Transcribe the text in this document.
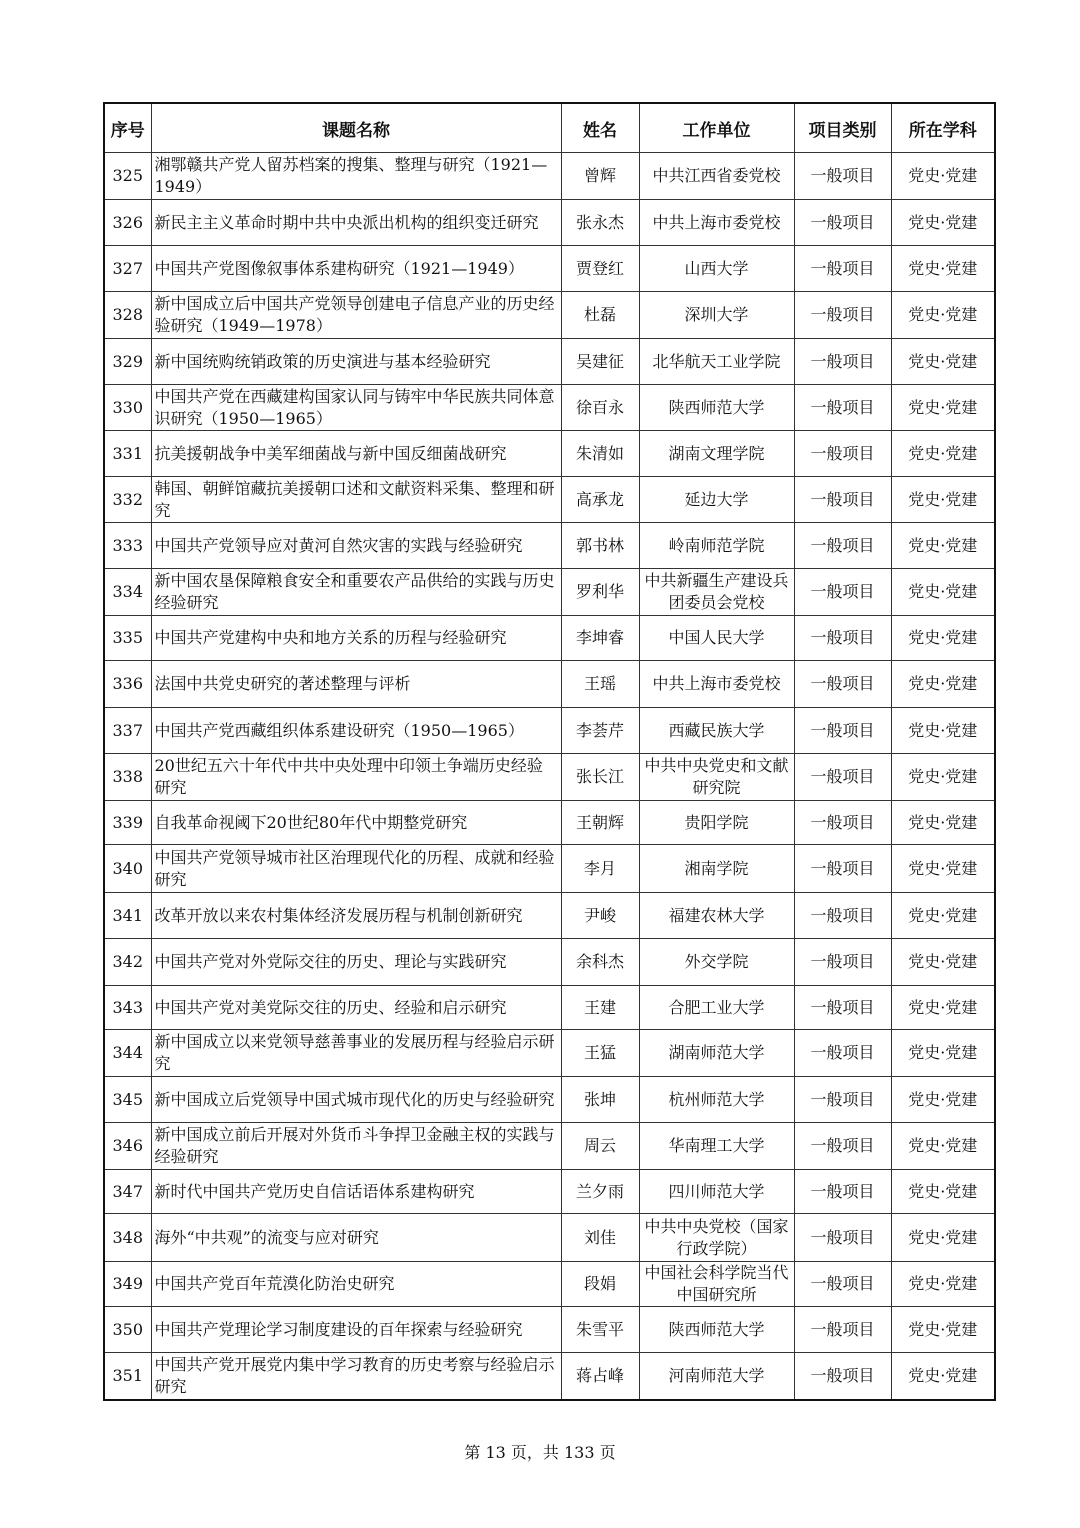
序号	课题名称	姓名	工作单位	项目类别	所在学科
325	湘鄂赣共产党人留苏档案的搜集、整理与研究（1921—1949）	曾辉	中共江西省委党校	一般项目	党史·党建
326	新民主主义革命时期中共中央派出机构的组织变迁研究	张永杰	中共上海市委党校	一般项目	党史·党建
327	中国共产党图像叙事体系建构研究（1921—1949）	贾登红	山西大学	一般项目	党史·党建
328	新中国成立后中国共产党领导创建电子信息产业的历史经验研究（1949—1978）	杜磊	深圳大学	一般项目	党史·党建
329	新中国统购统销政策的历史演进与基本经验研究	吴建征	北华航天工业学院	一般项目	党史·党建
330	中国共产党在西藏建构国家认同与铸牢中华民族共同体意识研究（1950—1965）	徐百永	陕西师范大学	一般项目	党史·党建
331	抗美援朝战争中美军细菌战与新中国反细菌战研究	朱清如	湖南文理学院	一般项目	党史·党建
332	韩国、朝鲜馆藏抗美援朝口述和文献资料采集、整理和研究	高承龙	延边大学	一般项目	党史·党建
333	中国共产党领导应对黄河自然灾害的实践与经验研究	郭书林	岭南师范学院	一般项目	党史·党建
334	新中国农垦保障粮食安全和重要农产品供给的实践与历史经验研究	罗利华	中共新疆生产建设兵团委员会党校	一般项目	党史·党建
335	中国共产党建构中央和地方关系的历程与经验研究	李坤睿	中国人民大学	一般项目	党史·党建
336	法国中共党史研究的著述整理与评析	王瑶	中共上海市委党校	一般项目	党史·党建
337	中国共产党西藏组织体系建设研究（1950—1965）	李荟芹	西藏民族大学	一般项目	党史·党建
338	20世纪五六十年代中共中央处理中印领土争端历史经验研究	张长江	中共中央党史和文献研究院	一般项目	党史·党建
339	自我革命视阈下20世纪80年代中期整党研究	王朝辉	贵阳学院	一般项目	党史·党建
340	中国共产党领导城市社区治理现代化的历程、成就和经验研究	李月	湘南学院	一般项目	党史·党建
341	改革开放以来农村集体经济发展历程与机制创新研究	尹峻	福建农林大学	一般项目	党史·党建
342	中国共产党对外党际交往的历史、理论与实践研究	余科杰	外交学院	一般项目	党史·党建
343	中国共产党对美党际交往的历史、经验和启示研究	王建	合肥工业大学	一般项目	党史·党建
344	新中国成立以来党领导慈善事业的发展历程与经验启示研究	王猛	湖南师范大学	一般项目	党史·党建
345	新中国成立后党领导中国式城市现代化的历史与经验研究	张坤	杭州师范大学	一般项目	党史·党建
346	新中国成立前后开展对外货币斗争捍卫金融主权的实践与经验研究	周云	华南理工大学	一般项目	党史·党建
347	新时代中国共产党历史自信话语体系建构研究	兰夕雨	四川师范大学	一般项目	党史·党建
348	海外“中共观”的流变与应对研究	刘佳	中共中央党校（国家行政学院）	一般项目	党史·党建
349	中国共产党百年荒漠化防治史研究	段娟	中国社会科学院当代中国研究所	一般项目	党史·党建
350	中国共产党理论学习制度建设的百年探索与经验研究	朱雪平	陕西师范大学	一般项目	党史·党建
351	中国共产党开展党内集中学习教育的历史考察与经验启示研究	蒋占峰	河南师范大学	一般项目	党史·党建
第 13 页，共 133 页
